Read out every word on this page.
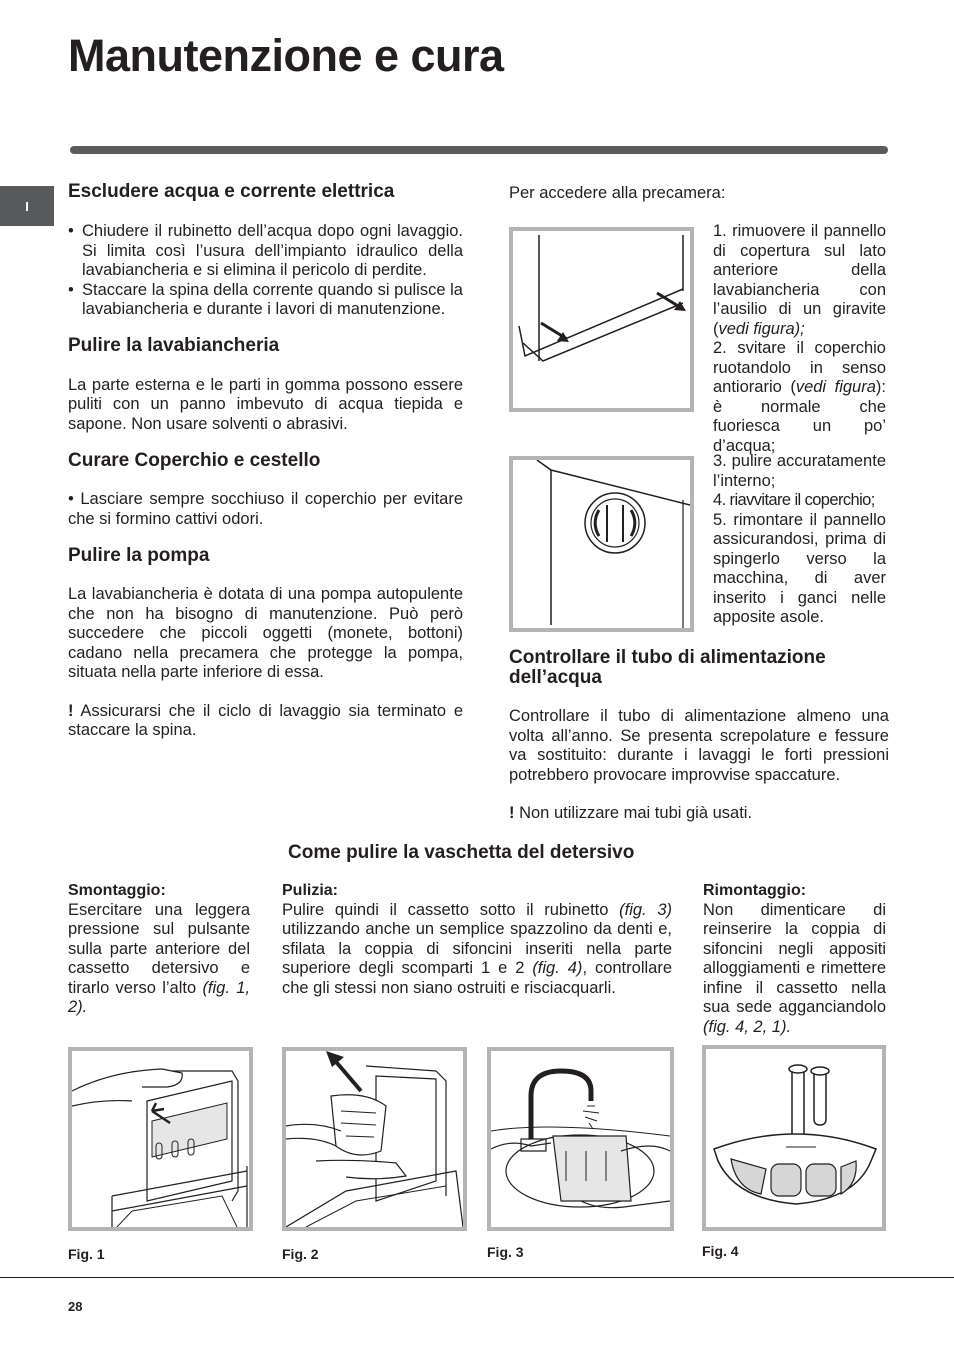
Manutenzione e cura
I
Escludere acqua e corrente elettrica
• Chiudere il rubinetto dell’acqua dopo ogni lavaggio. Si limita così l’usura dell’impianto idraulico della lavabiancheria e si elimina il pericolo di perdite.
• Staccare la spina della corrente quando si pulisce la lavabiancheria e durante i lavori di manutenzione.
Pulire la lavabiancheria

La parte esterna e le parti in gomma possono essere puliti con un panno imbevuto di acqua tiepida e sapone. Non usare solventi o abrasivi.

Curare Coperchio e cestello

• Lasciare sempre socchiuso il coperchio per evitare che si formino cattivi odori.

Pulire la pompa

La lavabiancheria è dotata di una pompa autopulente che non ha bisogno di manutenzione. Può però succedere che piccoli oggetti (monete, bottoni) cadano nella precamera che protegge la pompa, situata nella parte inferiore di essa.

! Assicurarsi che il ciclo di lavaggio sia terminato e staccare la spina.

Per accedere alla precamera:

1. rimuovere il pannello di copertura sul lato anteriore della lavabiancheria con l’ausilio di un giravite (vedi figura);

2. svitare il coperchio ruotandolo in senso antiorario (vedi figura): è normale che fuoriesca un po’ d’acqua;

3. pulire accuratamente l’interno;

4. riavvitare il coperchio;

5. rimontare il pannello assicurandosi, prima di spingerlo verso la macchina, di aver inserito i ganci nelle apposite asole.

Controllare il tubo di alimentazione dell’acqua

Controllare il tubo di alimentazione almeno una volta all’anno. Se presenta screpolature e fessure va sostituito: durante i lavaggi le forti pressioni potrebbero provocare improvvise spaccature.

! Non utilizzare mai tubi già usati.

Come pulire la vaschetta del detersivo
Smontaggio:

Esercitare una leggera pressione sul pulsante sulla parte anteriore del cassetto detersivo e tirarlo verso l’alto (fig. 1, 2).

Pulizia:

Pulire quindi il cassetto sotto il rubinetto (fig. 3) utilizzando anche un semplice spazzolino da denti e, sfilata la coppia di sifoncini inseriti nella parte superiore degli scomparti 1 e 2 (fig. 4), controllare che gli stessi non siano ostruiti e risciacquarli.

Rimontaggio:

Non dimenticare di reinserire la coppia di sifoncini negli appositi alloggiamenti e rimettere infine il cassetto nella sua sede agganciandolo (fig. 4, 2, 1).

Fig. 1	Fig. 2	Fig. 3	Fig. 4
28
